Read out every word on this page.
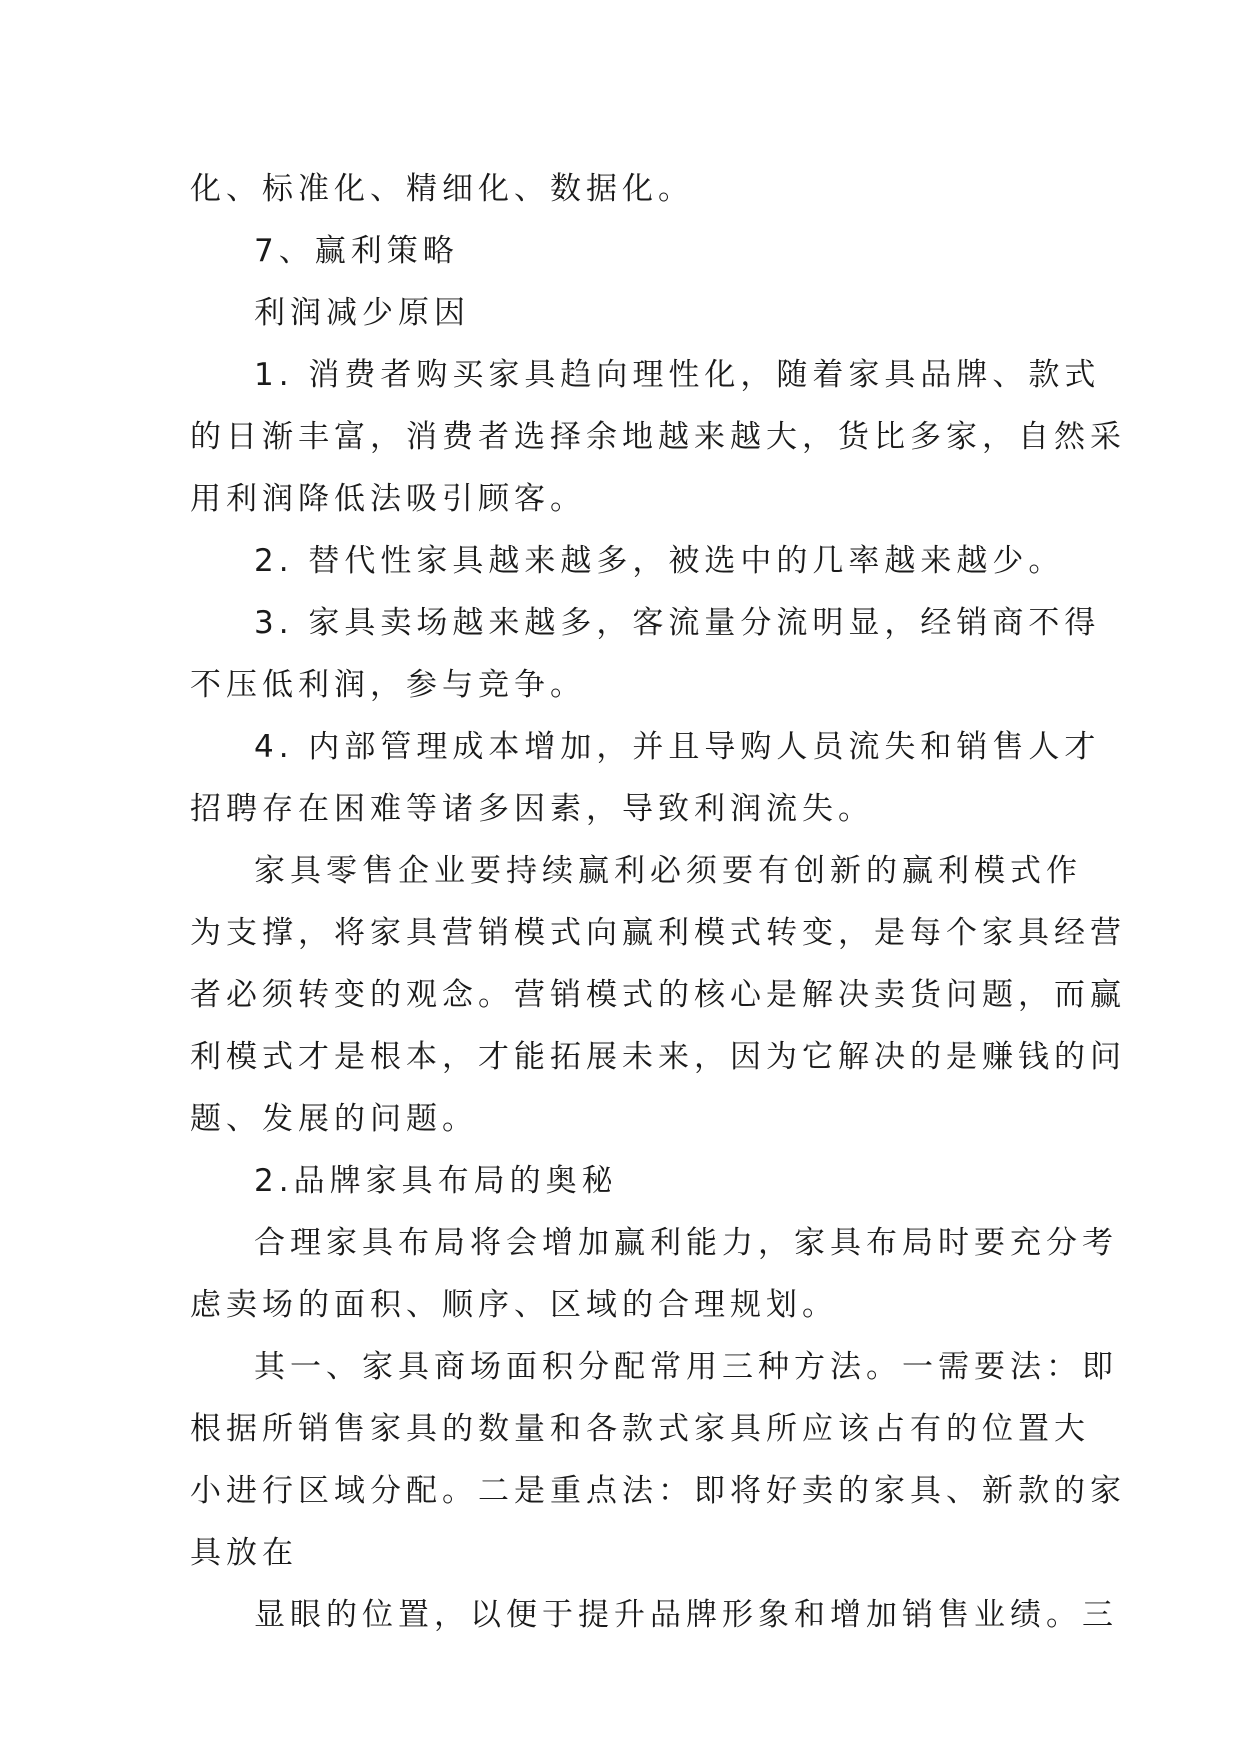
化、标准化、精细化、数据化。
7、赢利策略
利润减少原因
1. 消费者购买家具趋向理性化，随着家具品牌、款式
的日渐丰富，消费者选择余地越来越大，货比多家，自然采
用利润降低法吸引顾客。
2. 替代性家具越来越多，被选中的几率越来越少。
3. 家具卖场越来越多，客流量分流明显，经销商不得
不压低利润，参与竞争。
4. 内部管理成本增加，并且导购人员流失和销售人才
招聘存在困难等诸多因素，导致利润流失。
家具零售企业要持续赢利必须要有创新的赢利模式作
为支撑，将家具营销模式向赢利模式转变，是每个家具经营
者必须转变的观念。营销模式的核心是解决卖货问题，而赢
利模式才是根本，才能拓展未来，因为它解决的是赚钱的问
题、发展的问题。
2.品牌家具布局的奥秘
合理家具布局将会增加赢利能力，家具布局时要充分考
虑卖场的面积、顺序、区域的合理规划。
其一、家具商场面积分配常用三种方法。一需要法：即
根据所销售家具的数量和各款式家具所应该占有的位置大
小进行区域分配。二是重点法：即将好卖的家具、新款的家
具放在
显眼的位置，以便于提升品牌形象和增加销售业绩。三
